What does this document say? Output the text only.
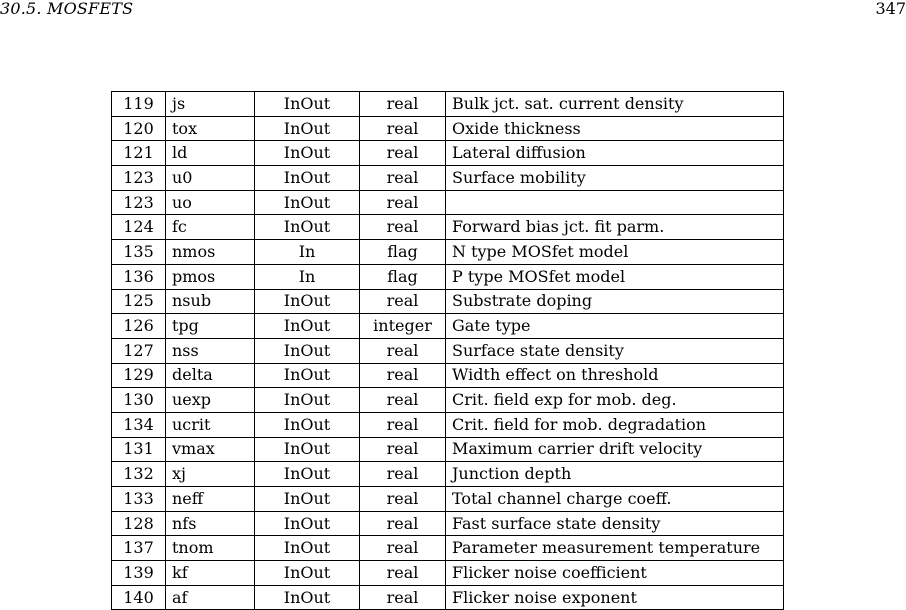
30.5. MOSFETS	347
119	js	InOut	real	Bulk jct. sat. current density
120	tox	InOut	real	Oxide thickness
121	ld	InOut	real	Lateral diffusion
123	u0	InOut	real	Surface mobility
123	uo	InOut	real	
124	fc	InOut	real	Forward bias jct. fit parm.
135	nmos	In	flag	N type MOSfet model
136	pmos	In	flag	P type MOSfet model
125	nsub	InOut	real	Substrate doping
126	tpg	InOut	integer	Gate type
127	nss	InOut	real	Surface state density
129	delta	InOut	real	Width effect on threshold
130	uexp	InOut	real	Crit. field exp for mob. deg.
134	ucrit	InOut	real	Crit. field for mob. degradation
131	vmax	InOut	real	Maximum carrier drift velocity
132	xj	InOut	real	Junction depth
133	neff	InOut	real	Total channel charge coeff.
128	nfs	InOut	real	Fast surface state density
137	tnom	InOut	real	Parameter measurement temperature
139	kf	InOut	real	Flicker noise coefficient
140	af	InOut	real	Flicker noise exponent
